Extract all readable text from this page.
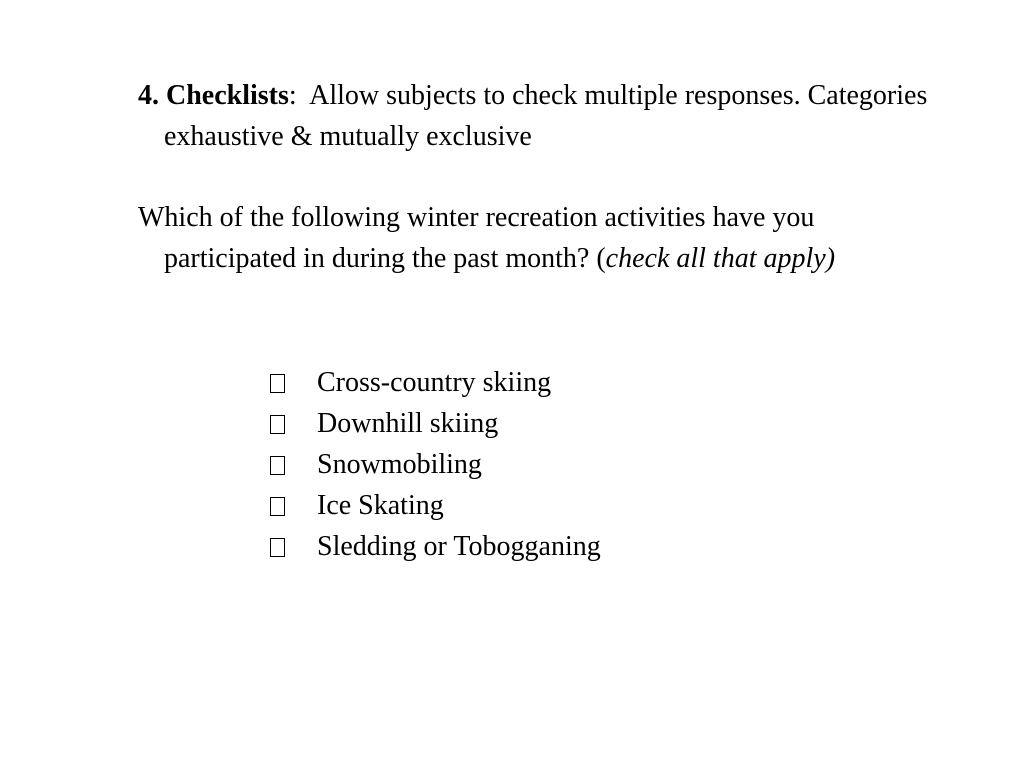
4. Checklists:  Allow subjects to check multiple responses. Categories exhaustive & mutually exclusive

Which of the following winter recreation activities have you participated in during the past month? (check all that apply)

Cross-country skiing
Downhill skiing
Snowmobiling
Ice Skating
Sledding or Tobogganing
